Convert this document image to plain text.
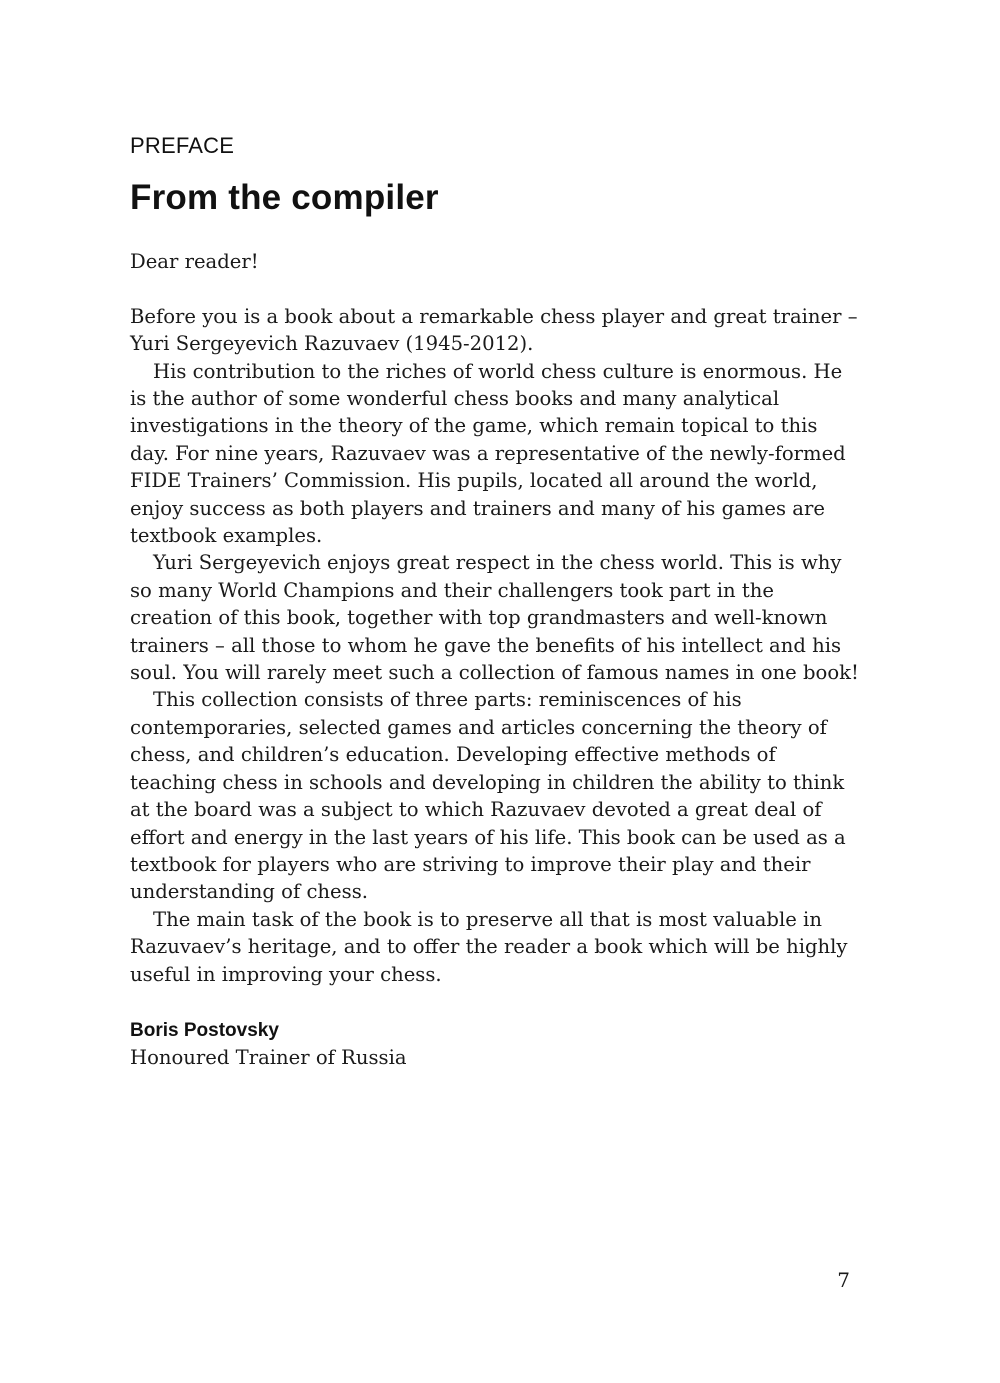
PREFACE

From the compiler

Dear reader!

Before you is a book about a remarkable chess player and great trainer – Yuri Sergeyevich Razuvaev (1945-2012).

His contribution to the riches of world chess culture is enormous. He is the author of some wonderful chess books and many analytical investigations in the theory of the game, which remain topical to this day. For nine years, Razuvaev was a representative of the newly-formed FIDE Trainers’ Commission. His pupils, located all around the world, enjoy success as both players and trainers and many of his games are textbook examples.

Yuri Sergeyevich enjoys great respect in the chess world. This is why so many World Champions and their challengers took part in the creation of this book, together with top grandmasters and well-known trainers – all those to whom he gave the benefits of his intellect and his soul. You will rarely meet such a collection of famous names in one book!

This collection consists of three parts: reminiscences of his contemporaries, selected games and articles concerning the theory of chess, and children’s education. Developing effective methods of teaching chess in schools and developing in children the ability to think at the board was a subject to which Razuvaev devoted a great deal of effort and energy in the last years of his life. This book can be used as a textbook for players who are striving to improve their play and their understanding of chess.

The main task of the book is to preserve all that is most valuable in Razuvaev’s heritage, and to offer the reader a book which will be highly useful in improving your chess.

Boris Postovsky

Honoured Trainer of Russia

7
